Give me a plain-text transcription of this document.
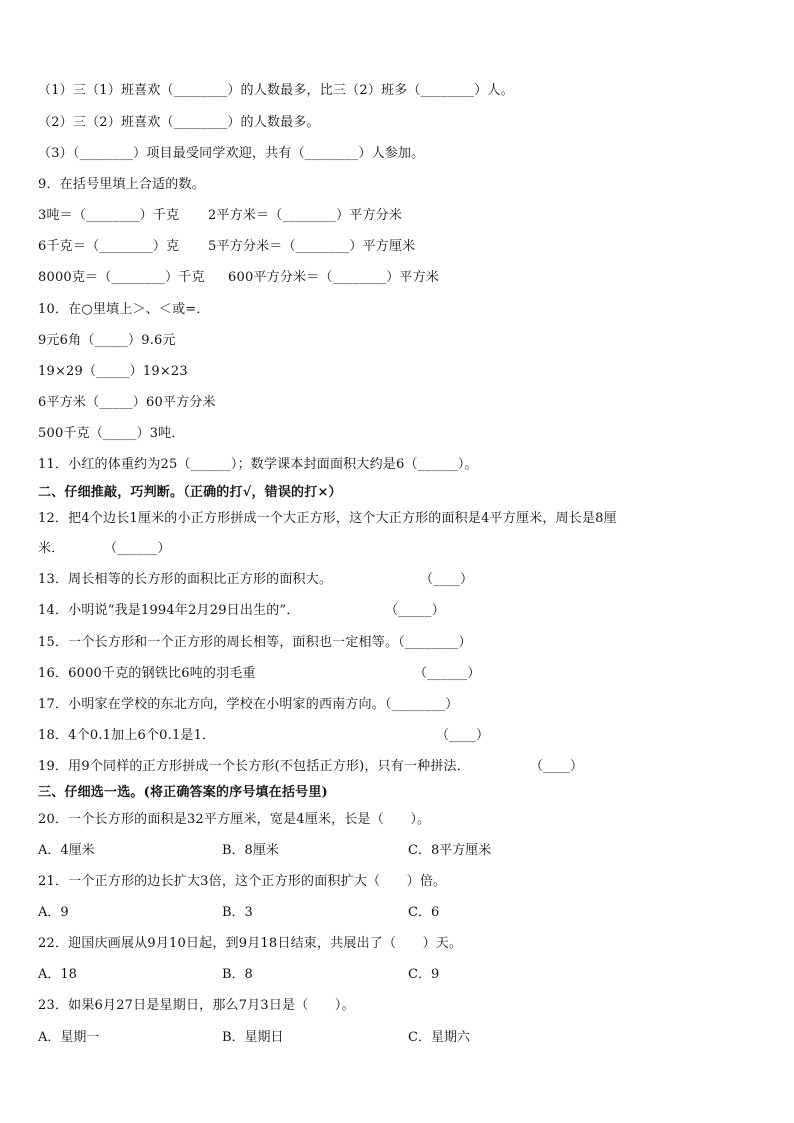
（1）三（1）班喜欢（________）的人数最多，比三（2）班多（________）人。
（2）三（2）班喜欢（________）的人数最多。
（3）（________）项目最受同学欢迎，共有（________）人参加。
9．在括号里填上合适的数。
3吨＝（________）千克 2平方米＝（________）平方分米
6千克＝（________）克 5平方分米＝（________）平方厘米
8000克＝（________）千克 600平方分米＝（________）平方米
10．在○里填上＞、＜或=．
9元6角（_____）9.6元
19×29（_____）19×23
6平方米（_____）60平方分米
500千克（_____）3吨．
11．小红的体重约为25（______）；数学课本封面面积大约是6（______）。
二、仔细推敲，巧判断。（正确的打√，错误的打×）
12．把4个边长1厘米的小正方形拼成一个大正方形，这个大正方形的面积是4平方厘米，周长是8厘
米．	（______）
13．周长相等的长方形的面积比正方形的面积大。	（____）
14．小明说“我是1994年2月29日出生的”．	（_____）
15．一个长方形和一个正方形的周长相等，面积也一定相等。（________）
16．6000千克的钢铁比6吨的羽毛重	（______）
17．小明家在学校的东北方向，学校在小明家的西南方向。（________）
18．4个0.1加上6个0.1是1．	（____）
19．用9个同样的正方形拼成一个长方形(不包括正方形)，只有一种拼法．	（____）
三、仔细选一选。(将正确答案的序号填在括号里)
20．一个长方形的面积是32平方厘米，宽是4厘米，长是（　　）。
A．4厘米	B．8厘米	C．8平方厘米
21．一个正方形的边长扩大3倍，这个正方形的面积扩大（　　）倍。
A．9	B．3	C．6
22．迎国庆画展从9月10日起，到9月18日结束，共展出了（　　）天。
A．18	B．8	C．9
23．如果6月27日是星期日，那么7月3日是（　　）。
A．星期一	B．星期日	C．星期六
